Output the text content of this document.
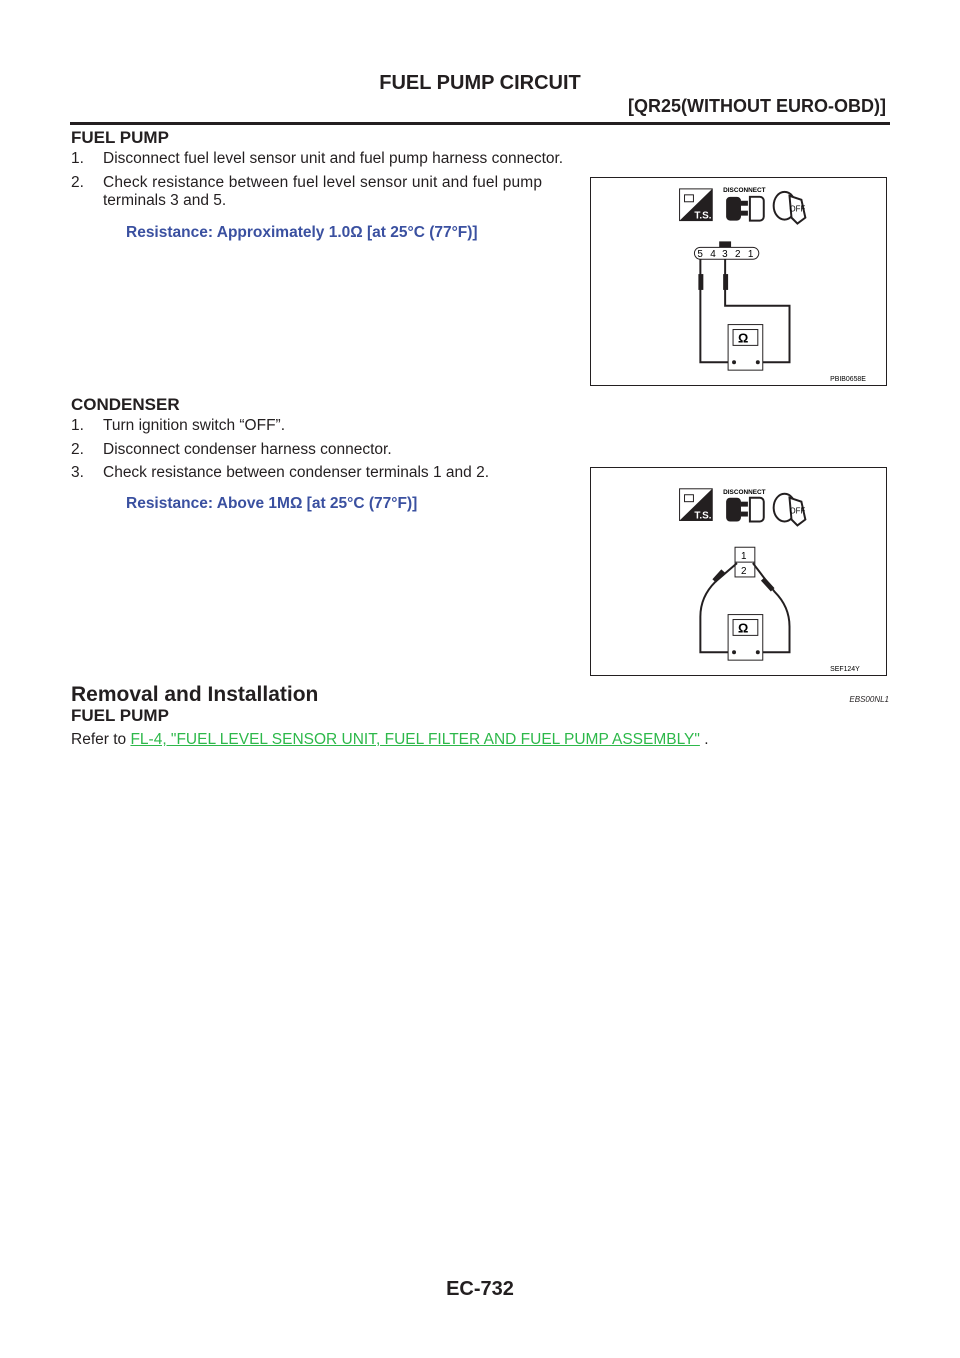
FUEL PUMP CIRCUIT
[QR25(WITHOUT EURO-OBD)]
FUEL PUMP
1. Disconnect fuel level sensor unit and fuel pump harness connector.
2. Check resistance between fuel level sensor unit and fuel pump
terminals 3 and 5.
Resistance: Approximately 1.0Ω [at 25°C (77°F)]
T.S.
DISCONNECT
OFF
5 4 3 2 1
Ω
PBIB0658E
CONDENSER
1. Turn ignition switch “OFF”.
2. Disconnect condenser harness connector.
3. Check resistance between condenser terminals 1 and 2.
Resistance: Above 1MΩ [at 25°C (77°F)]
T.S.
DISCONNECT
OFF
1
2
Ω
SEF124Y
Removal and Installation	EBS00NL1
FUEL PUMP
Refer to FL-4, "FUEL LEVEL SENSOR UNIT, FUEL FILTER AND FUEL PUMP ASSEMBLY" .
EC-732
